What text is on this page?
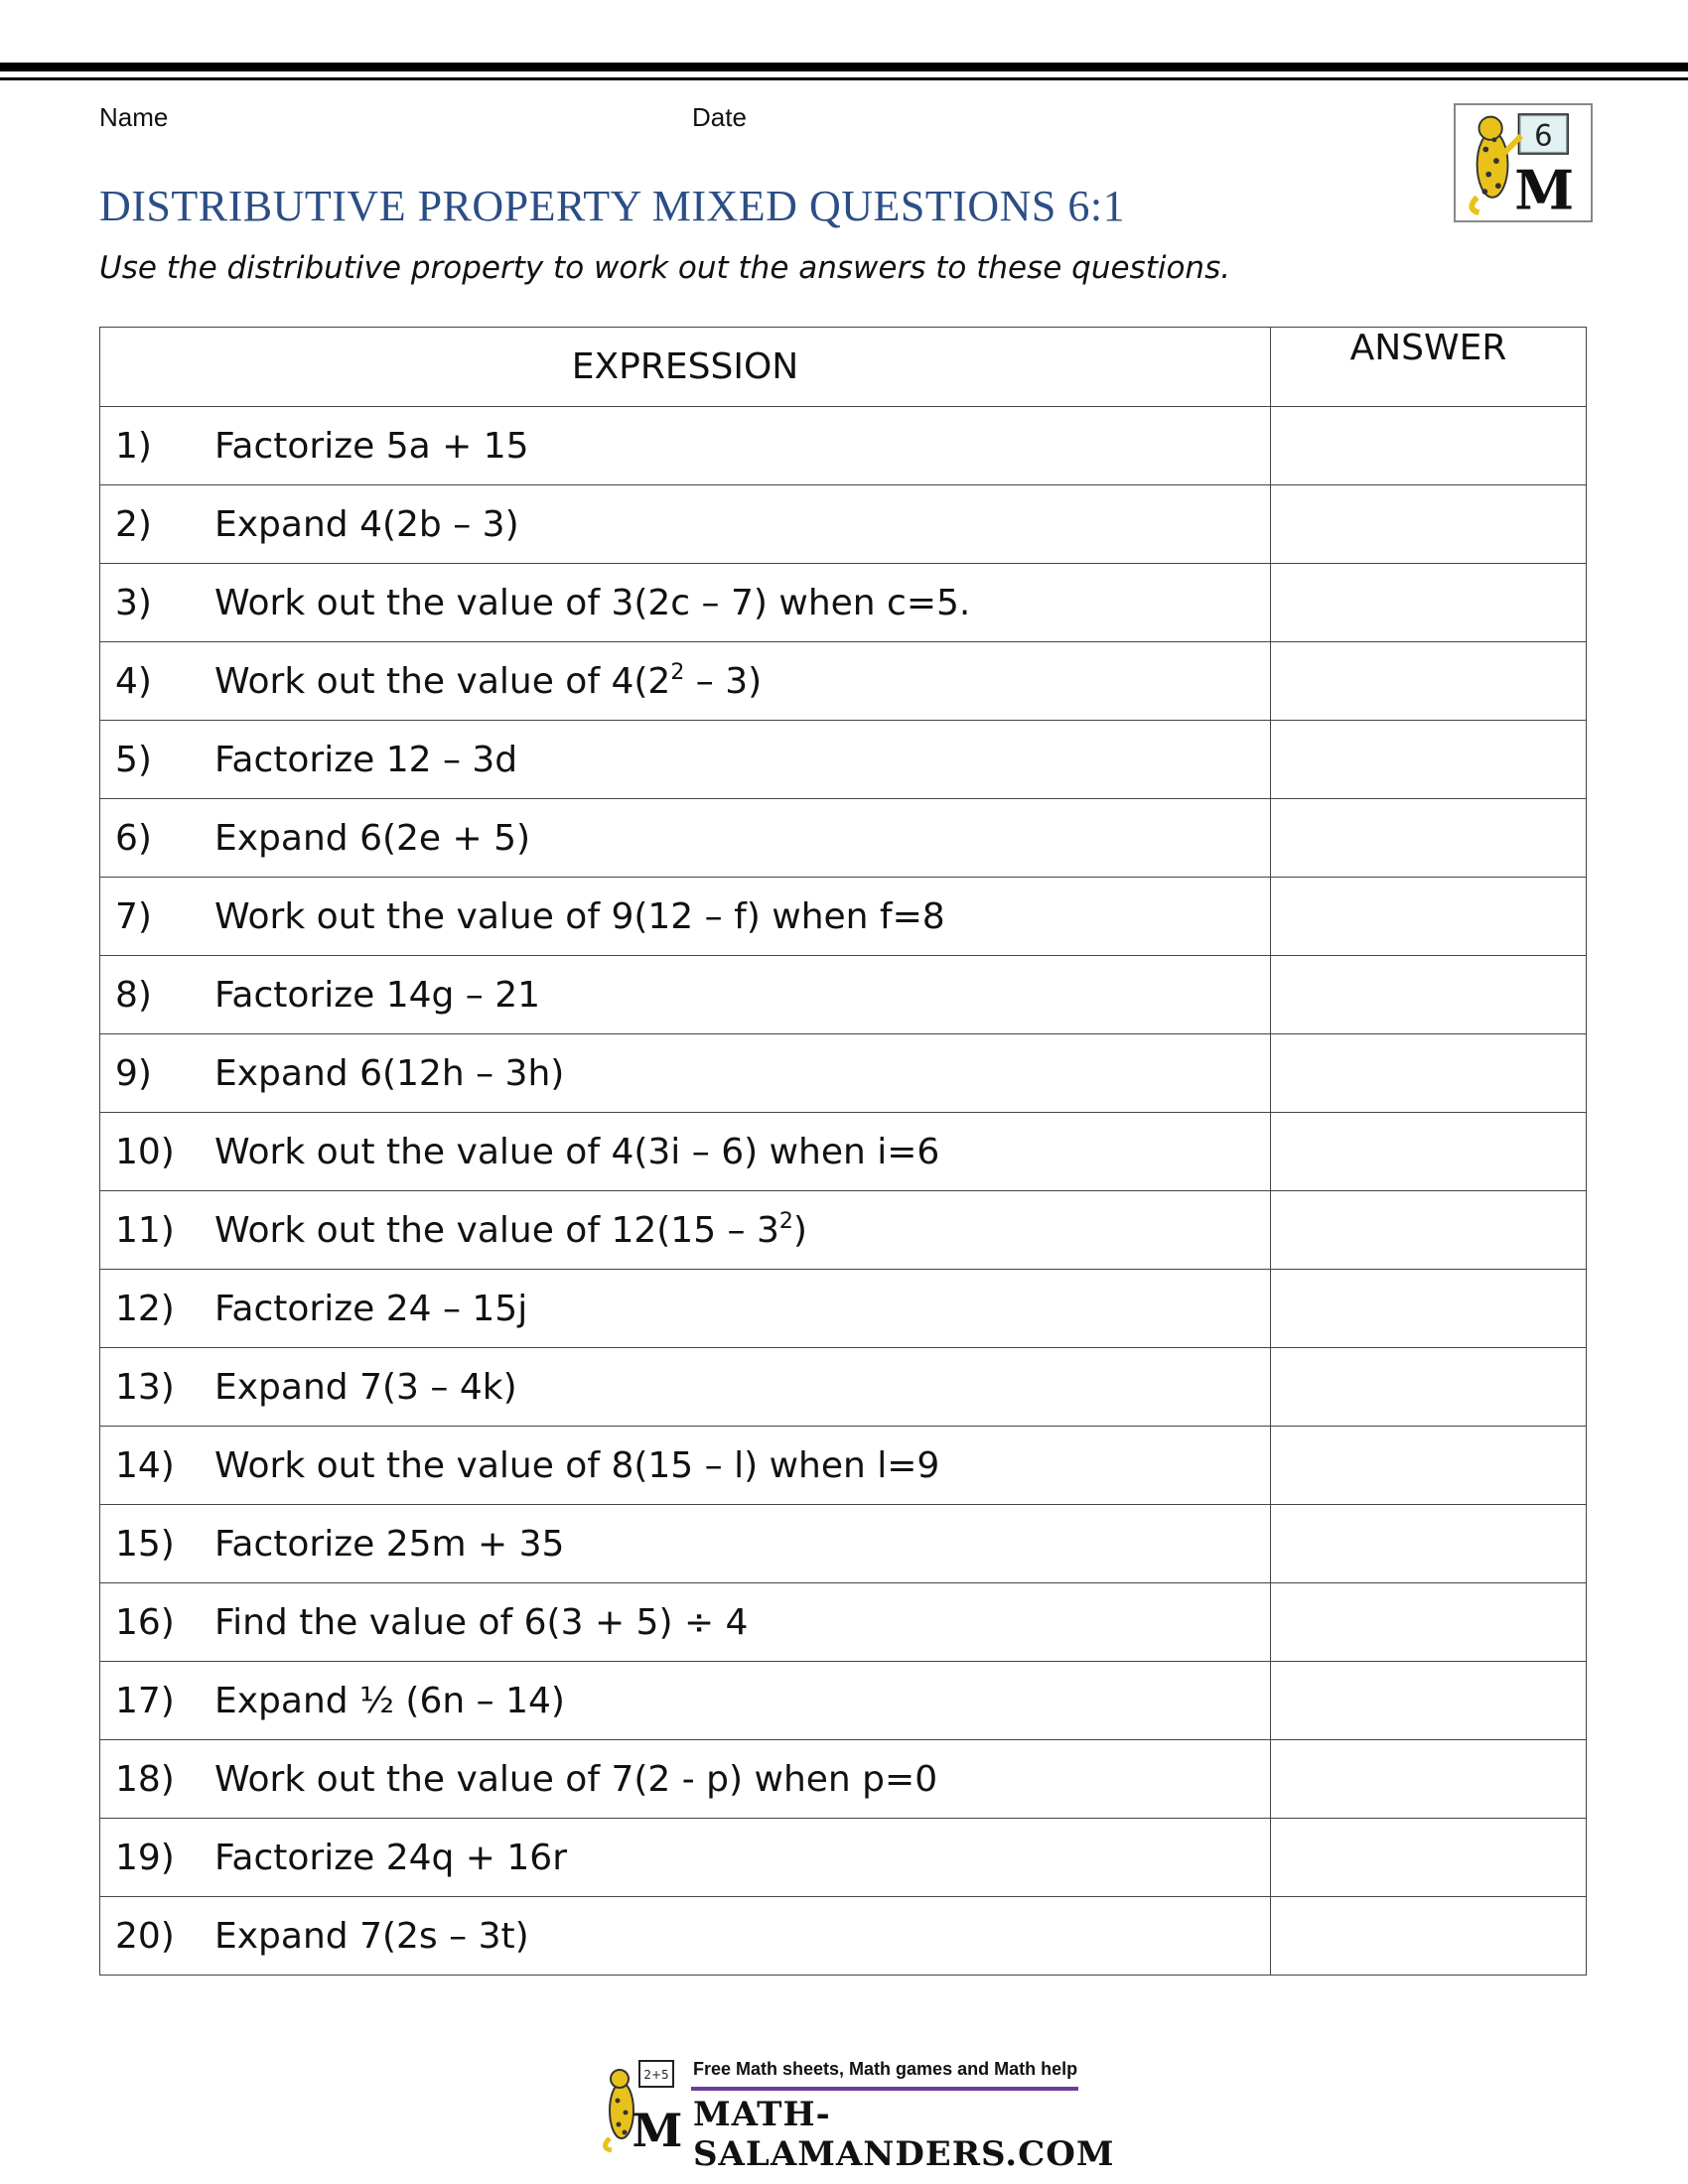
Name	Date
6
M
DISTRIBUTIVE PROPERTY MIXED QUESTIONS 6:1
Use the distributive property to work out the answers to these questions.
EXPRESSION	ANSWER
1) Factorize 5a + 15	
2) Expand 4(2b – 3)	
3) Work out the value of 3(2c – 7) when c=5.	
4) Work out the value of $4(2^2 - 3)$	
5) Factorize 12 – 3d	
6) Expand 6(2e + 5)	
7) Work out the value of 9(12 – f) when f=8	
8) Factorize 14g – 21	
9) Expand 6(12h – 3h)	
10) Work out the value of 4(3i – 6) when i=6	
11) Work out the value of $12(15 - 3^2)$	
12) Factorize 24 – 15j	
13) Expand 7(3 – 4k)	
14) Work out the value of 8(15 – l) when l=9	
15) Factorize 25m + 35	
16) Find the value of 6(3 + 5) ÷ 4	
17) Expand ½ (6n – 14)	
18) Work out the value of 7(2 - p) when p=0	
19) Factorize 24q + 16r	
20) Expand 7(2s – 3t)	
2+5
M
Free Math sheets, Math games and Math help
MATH-SALAMANDERS.COM
